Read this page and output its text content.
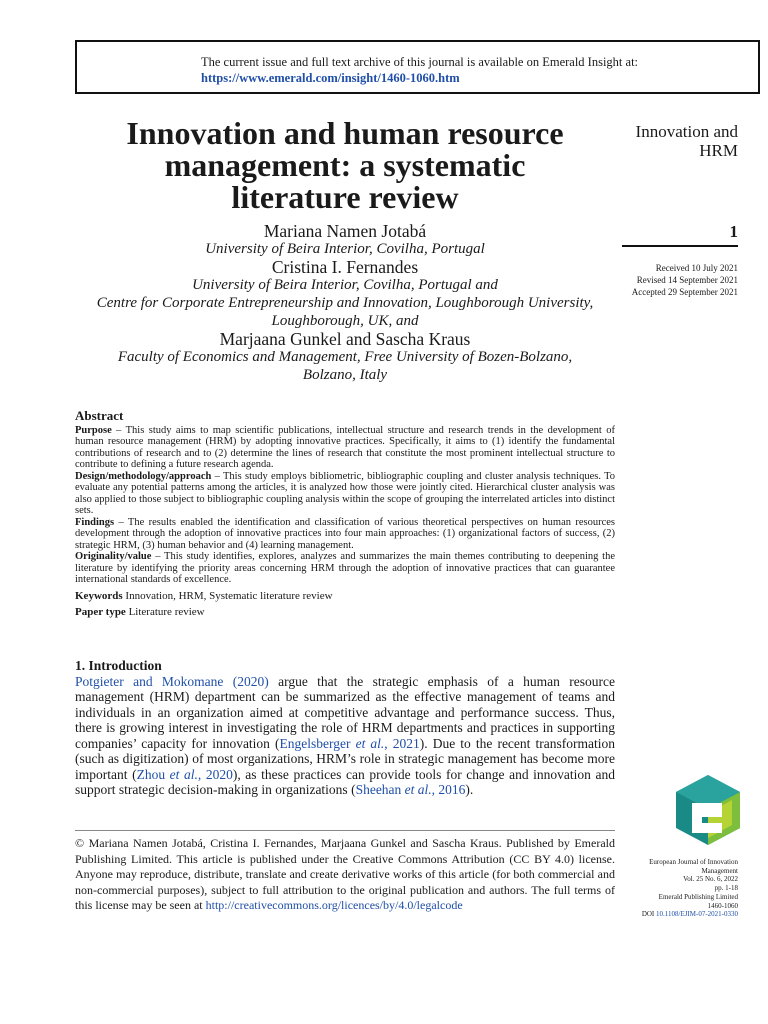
The current issue and full text archive of this journal is available on Emerald Insight at:
https://www.emerald.com/insight/1460-1060.htm
Innovation and human resource
management: a systematic
literature review
Mariana Namen Jotabá
University of Beira Interior, Covilha, Portugal
Cristina I. Fernandes
University of Beira Interior, Covilha, Portugal and
Centre for Corporate Entrepreneurship and Innovation, Loughborough University,
Loughborough, UK, and
Marjaana Gunkel and Sascha Kraus
Faculty of Economics and Management, Free University of Bozen-Bolzano,
Bolzano, Italy
Innovation and
HRM
1
Received 10 July 2021
Revised 14 September 2021
Accepted 29 September 2021
Abstract

Purpose – This study aims to map scientific publications, intellectual structure and research trends in the development of human resource management (HRM) by adopting innovative practices. Specifically, it aims to (1) identify the fundamental contributions of research and to (2) determine the lines of research that constitute the most prominent intellectual structure to contribute to defining a future research agenda.

Design/methodology/approach – This study employs bibliometric, bibliographic coupling and cluster analysis techniques. To evaluate any potential patterns among the articles, it is analyzed how those were jointly cited. Hierarchical cluster analysis was also applied to those subject to bibliographic coupling analysis within the scope of grouping the interrelated articles into distinct sets.

Findings – The results enabled the identification and classification of various theoretical perspectives on human resources development through the adoption of innovative practices into four main approaches: (1) organizational factors of success, (2) strategic HRM, (3) human behavior and (4) learning management.

Originality/value – This study identifies, explores, analyzes and summarizes the main themes contributing to deepening the literature by identifying the priority areas concerning HRM through the adoption of innovative practices that can guarantee international standards of excellence.

Keywords Innovation, HRM, Systematic literature review

Paper type Literature review

1. Introduction

Potgieter and Mokomane (2020) argue that the strategic emphasis of a human resource management (HRM) department can be summarized as the effective management of teams and individuals in an organization aimed at competitive advantage and performance success. Thus, there is growing interest in investigating the role of HRM departments and practices in supporting companies’ capacity for innovation (Engelsberger et al., 2021). Due to the recent transformation (such as digitization) of most organizations, HRM’s role in strategic management has become more important (Zhou et al., 2020), as these practices can provide tools for change and innovation and support strategic decision-making in organizations (Sheehan et al., 2016).

© Mariana Namen Jotabá, Cristina I. Fernandes, Marjaana Gunkel and Sascha Kraus. Published by Emerald Publishing Limited. This article is published under the Creative Commons Attribution (CC BY 4.0) license. Anyone may reproduce, distribute, translate and create derivative works of this article (for both commercial and non-commercial purposes), subject to full attribution to the original publication and authors. The full terms of this license may be seen at http://creativecommons.org/licences/by/4.0/legalcode
European Journal of Innovation
Management
Vol. 25 No. 6, 2022
pp. 1-18
Emerald Publishing Limited
1460-1060
DOI 10.1108/EJIM-07-2021-0330
